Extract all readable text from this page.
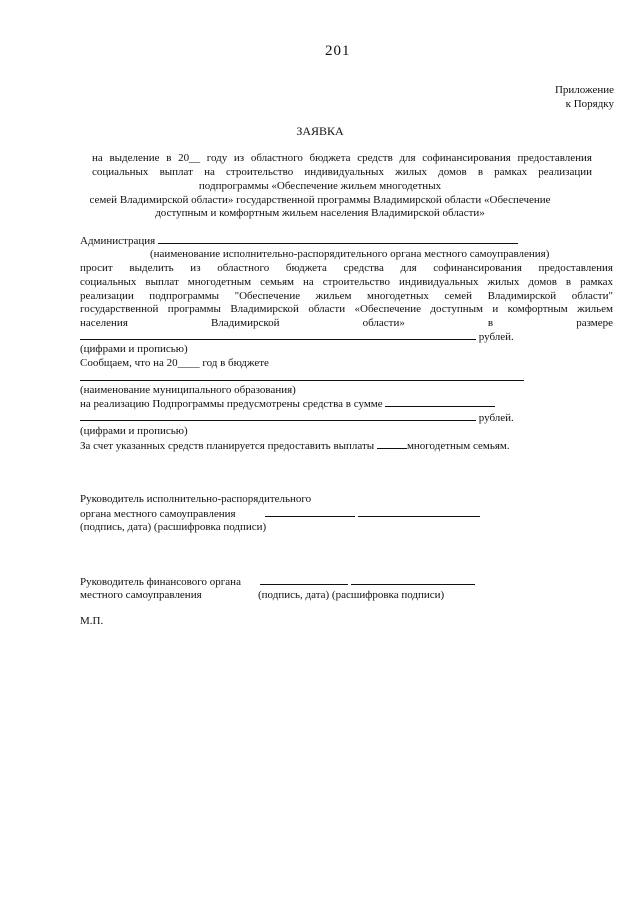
201
Приложение
к Порядку
ЗАЯВКА
на выделение в 20__ году из областного бюджета средств для софинансирования предоставления
социальных выплат на строительство индивидуальных жилых домов в рамках реализации
подпрограммы «Обеспечение жильем многодетных
семей Владимирской области» государственной программы Владимирской области «Обеспечение
доступным и комфортным жильем населения Владимирской области»
Администрация
(наименование исполнительно-распорядительного органа местного самоуправления)
просит выделить из областного бюджета средства для софинансирования предоставления
социальных выплат многодетным семьям на строительство индивидуальных жилых домов в рамках
реализации подпрограммы "Обеспечение жильем многодетных семей Владимирской области"
государственной программы Владимирской области «Обеспечение доступным и комфортным жильем
населения Владимирской области» в размере
рублей.
(цифрами и прописью)
Сообщаем, что на 20____ год в бюджете
(наименование муниципального образования)
на реализацию Подпрограммы предусмотрены средства в сумме
рублей.
(цифрами и прописью)
За счет указанных средств планируется предоставить выплаты	многодетным семьям.
Руководитель исполнительно-распорядительного
органа местного самоуправления
(подпись, дата) (расшифровка подписи)
Руководитель финансового органа
местного самоуправления	(подпись, дата) (расшифровка подписи)
М.П.
